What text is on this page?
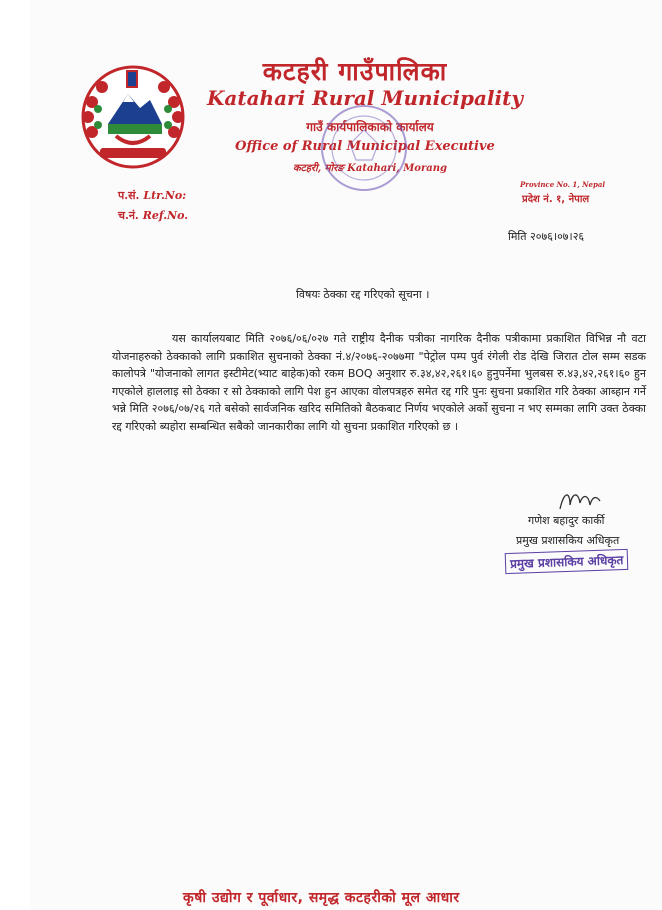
कटहरी गाउँपालिका
Katahari Rural Municipality
गाउँ कार्यपालिकाको कार्यालय
Office of Rural Municipal Executive
कटहरी, मोरङ Katahari, Morang
Province No. 1, Nepal
प्रदेश नं. १, नेपाल
प.सं. Ltr.No:
च.नं. Ref.No.
मिति २०७६।०७।२६
विषयः ठेक्का रद्द गरिएको सूचना ।

यस कार्यालयबाट मिति २०७६/०६/०२७ गते राष्ट्रीय दैनीक पत्रीका नागरिक दैनीक पत्रीकामा प्रकाशित विभिन्न नौ वटा योजनाहरुको ठेक्काको लागि प्रकाशित सुचनाको ठेक्का नं.४/२०७६-२०७७मा "पेट्रोल पम्प पुर्व रंगेली रोड देखि जिरात टोल सम्म सडक कालोपत्रे "योजनाको लागत इस्टीमेट(भ्याट बाहेक)को रकम BOQ अनुशार रु.३४,४२,२६१।६० हुनुपर्नेमा भुलबस रु.४३,४२,२६१।६० हुन गएकोले हाललाइ सो ठेक्का र सो ठेक्काको लागि पेश हुन आएका वोलपत्रहरु समेत रद्द गरि पुनः सुचना प्रकाशित गरि ठेक्का आब्हान गर्ने भन्ने मिति २०७६/०७/२६ गते बसेको सार्वजनिक खरिद समितिको बैठकबाट निर्णय भएकोले अर्को सुचना न भए सम्मका लागि उक्त ठेक्का रद्द गरिएको ब्यहोरा सम्बन्धित सबैको जानकारीका लागि यो सुचना प्रकाशित गरिएको छ ।

गणेश बहादुर कार्की
प्रमुख प्रशासकिय अधिकृत
प्रमुख प्रशासकिय अधिकृत
कृषी उद्योग र पूर्वाधार, समृद्ध कटहरीको मूल आधार
